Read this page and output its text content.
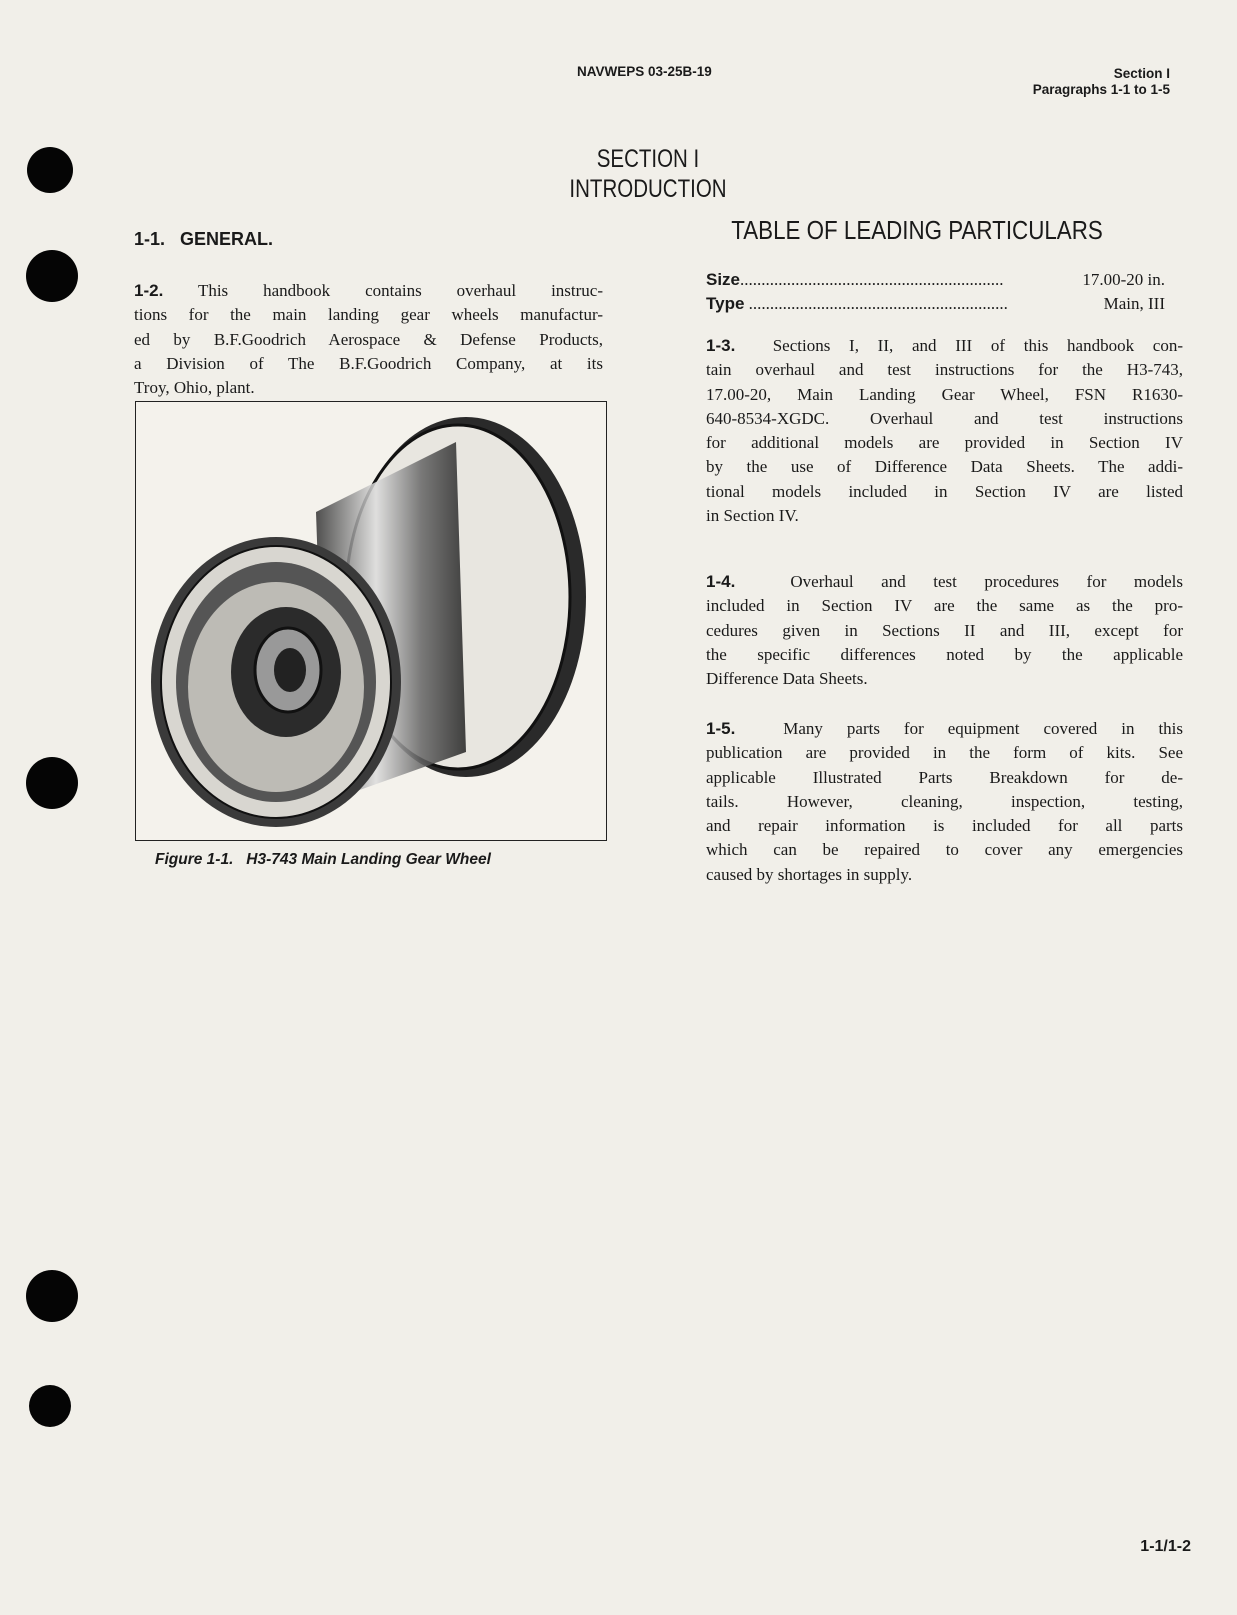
NAVWEPS 03-25B-19	Section I
Paragraphs 1-1 to 1-5
SECTION I
INTRODUCTION
1-1.   GENERAL.
1-2. This handbook contains overhaul instruc-
tions for the main landing gear wheels manufactur-
ed by B.F.Goodrich Aerospace & Defense Products,
a Division of The B.F.Goodrich Company, at its
Troy, Ohio, plant.
Figure 1-1.   H3-743 Main Landing Gear Wheel
TABLE OF LEADING PARTICULARS
Size ..............................................................	17.00-20 in.
Type .............................................................	Main, III
1-3. Sections I, II, and III of this handbook con-
tain overhaul and test instructions for the H3-743,
17.00-20, Main Landing Gear Wheel, FSN R1630-
640-8534-XGDC. Overhaul and test instructions
for additional models are provided in Section IV
by the use of Difference Data Sheets. The addi-
tional models included in Section IV are listed
in Section IV.
1-4.	Overhaul and test procedures for models
included in Section IV are the same as the pro-
cedures given in Sections II and III, except for
the specific differences noted by the applicable
Difference Data Sheets.
1-5.	Many parts for equipment covered in this
publication are provided in the form of kits. See
applicable Illustrated Parts Breakdown for de-
tails. However, cleaning, inspection, testing,
and repair information is included for all parts
which can be repaired to cover any emergencies
caused by shortages in supply.
1-1/1-2
